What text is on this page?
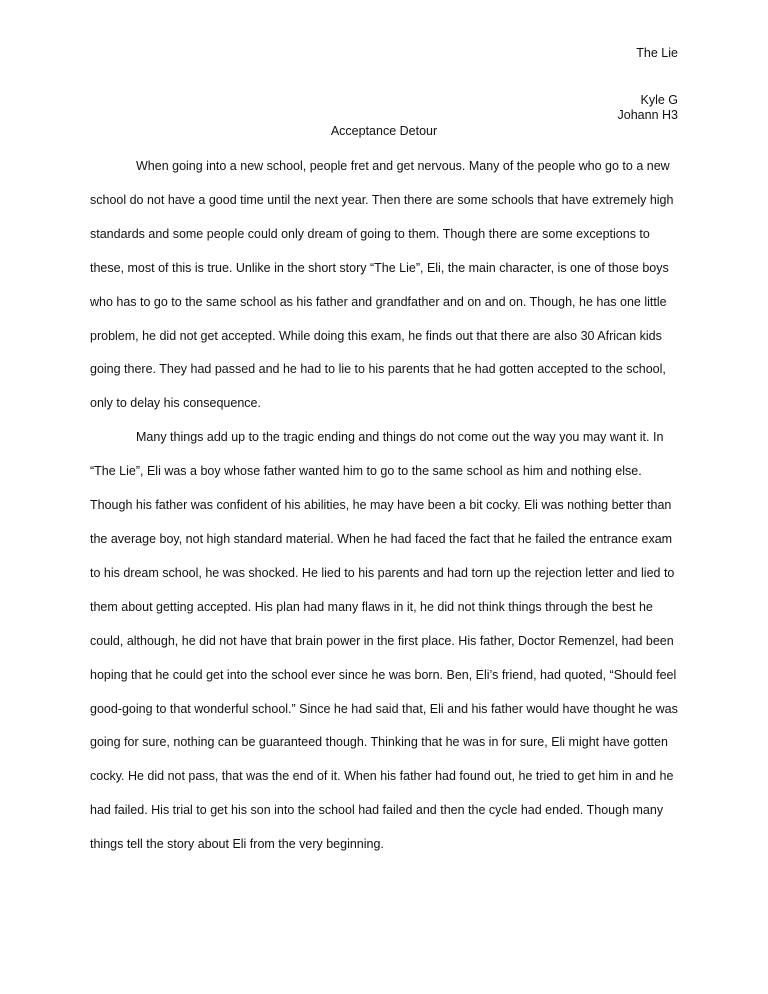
The Lie
Kyle G
Johann H3
Acceptance Detour

When going into a new school, people fret and get nervous. Many of the people who go to a new school do not have a good time until the next year. Then there are some schools that have extremely high standards and some people could only dream of going to them. Though there are some exceptions to these, most of this is true. Unlike in the short story “The Lie”, Eli, the main character, is one of those boys who has to go to the same school as his father and grandfather and on and on. Though, he has one little problem, he did not get accepted. While doing this exam, he finds out that there are also 30 African kids going there. They had passed and he had to lie to his parents that he had gotten accepted to the school, only to delay his consequence.

Many things add up to the tragic ending and things do not come out the way you may want it. In “The Lie”, Eli was a boy whose father wanted him to go to the same school as him and nothing else. Though his father was confident of his abilities, he may have been a bit cocky. Eli was nothing better than the average boy, not high standard material. When he had faced the fact that he failed the entrance exam to his dream school, he was shocked. He lied to his parents and had torn up the rejection letter and lied to them about getting accepted. His plan had many flaws in it, he did not think things through the best he could, although, he did not have that brain power in the first place. His father, Doctor Remenzel, had been hoping that he could get into the school ever since he was born. Ben, Eli’s friend, had quoted, “Should feel good-going to that wonderful school.” Since he had said that, Eli and his father would have thought he was going for sure, nothing can be guaranteed though. Thinking that he was in for sure, Eli might have gotten cocky. He did not pass, that was the end of it. When his father had found out, he tried to get him in and he had failed. His trial to get his son into the school had failed and then the cycle had ended. Though many things tell the story about Eli from the very beginning.
